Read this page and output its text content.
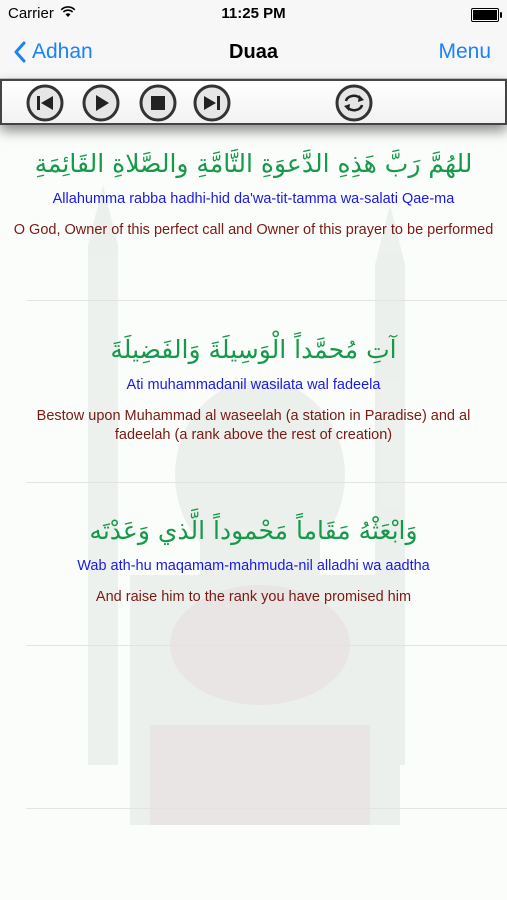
Carrier	11:25 PM
Adhan	Duaa	Menu
للهُمَّ رَبَّ هَذِهِ الدَّعوَةِ التَّامَّةِ والصَّلاةِ القَائِمَةِ
Allahumma rabba hadhi-hid da'wa-tit-tamma wa-salati Qae-ma
O God, Owner of this perfect call and Owner of this prayer to be performed
آتِ مُحمَّداً الْوَسِيلَةَ وَالفَضِيلَةَ
Ati muhammadanil wasilata wal fadeela
Bestow upon Muhammad al waseelah (a station in Paradise) and al fadeelah (a rank above the rest of creation)
وَابْعَثْهُ مَقَاماً مَحْموداً الَّذي وَعَدْتَه
Wab ath-hu maqamam-mahmuda-nil alladhi wa aadtha
And raise him to the rank you have promised him
